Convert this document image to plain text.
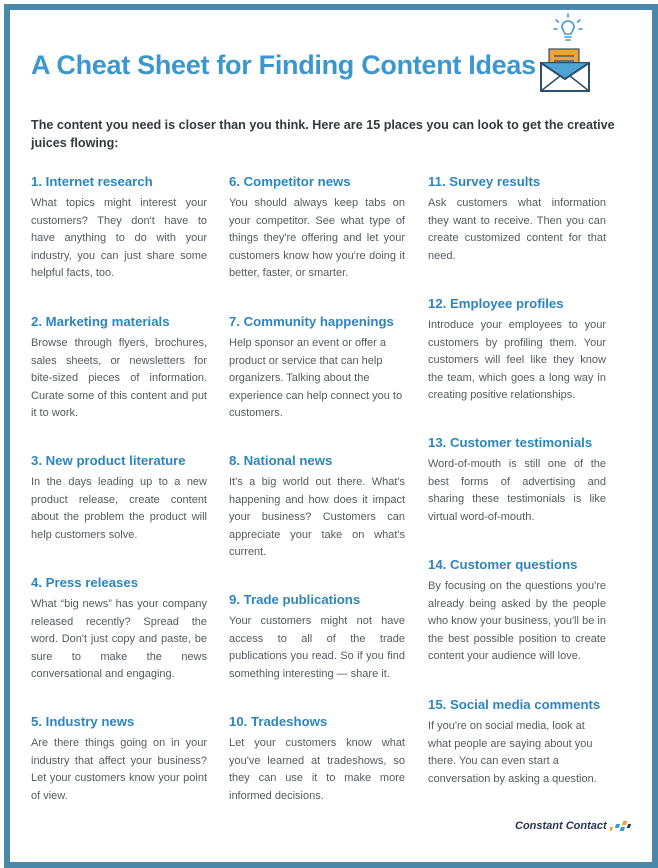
A Cheat Sheet for Finding Content Ideas
The content you need is closer than you think. Here are 15 places you can look to get the creative juices flowing:
1. Internet research

What topics might interest your customers? They don't have to have anything to do with your industry, you can just share some helpful facts, too.

2. Marketing materials

Browse through flyers, brochures, sales sheets, or newsletters for bite-sized pieces of information. Curate some of this content and put it to work.

3. New product literature

In the days leading up to a new product release, create content about the problem the product will help customers solve.

4. Press releases

What “big news” has your company released recently? Spread the word. Don't just copy and paste, be sure to make the news conversational and engaging.

5. Industry news

Are there things going on in your industry that affect your business? Let your customers know your point of view.

6. Competitor news

You should always keep tabs on your competitor. See what type of things they're offering and let your customers know how you're doing it better, faster, or smarter.

7. Community happenings

Help sponsor an event or offer a product or service that can help organizers. Talking about the experience can help connect you to customers.

8. National news

It's a big world out there. What's happening and how does it impact your business? Customers can appreciate your take on what's current.

9. Trade publications

Your customers might not have access to all of the trade publications you read. So if you find something interesting — share it.

10. Tradeshows

Let your customers know what you've learned at tradeshows, so they can use it to make more informed decisions.

11. Survey results

Ask customers what information they want to receive. Then you can create customized content for that need.

12. Employee profiles

Introduce your employees to your customers by profiling them. Your customers will feel like they know the team, which goes a long way in creating positive relationships.

13. Customer testimonials

Word-of-mouth is still one of the best forms of advertising and sharing these testimonials is like virtual word-of-mouth.

14. Customer questions

By focusing on the questions you're already being asked by the people who know your business, you'll be in the best possible position to create content your audience will love.

15. Social media comments

If you're on social media, look at what people are saying about you there. You can even start a conversation by asking a question.

Constant Contact
